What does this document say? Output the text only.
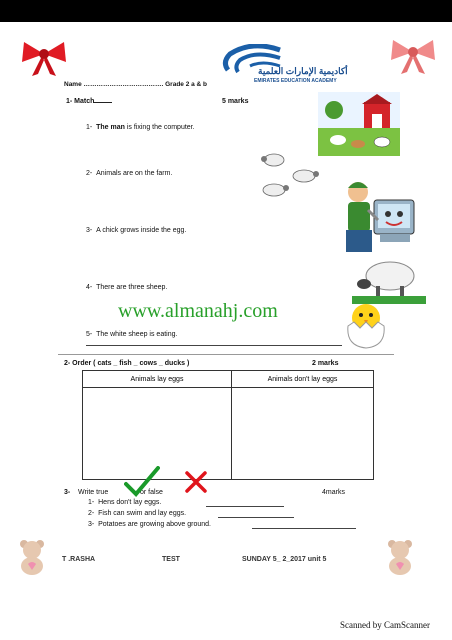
أكاديمية الإمارات العلمية
EMIRATES EDUCATION ACADEMY
Name ………………………………. Grade 2 a & b
1- Match	5 marks
1- The man is fixing the computer.
2- Animals are on the farm.
3- A chick grows inside the egg.
4- There are three sheep.
5- The white sheep is eating.
www.almanahj.com
2- Order ( cats _ fish _ cows _ ducks )	2 marks
Animals lay eggs	Animals don't lay eggs

3- Write true	or false	4marks
1- Hens don't lay eggs.
2- Fish can swim and lay eggs.
3- Potatoes are growing above ground.
T .RASHA	TEST	SUNDAY 5_ 2_2017 unit 5
Scanned by CamScanner
